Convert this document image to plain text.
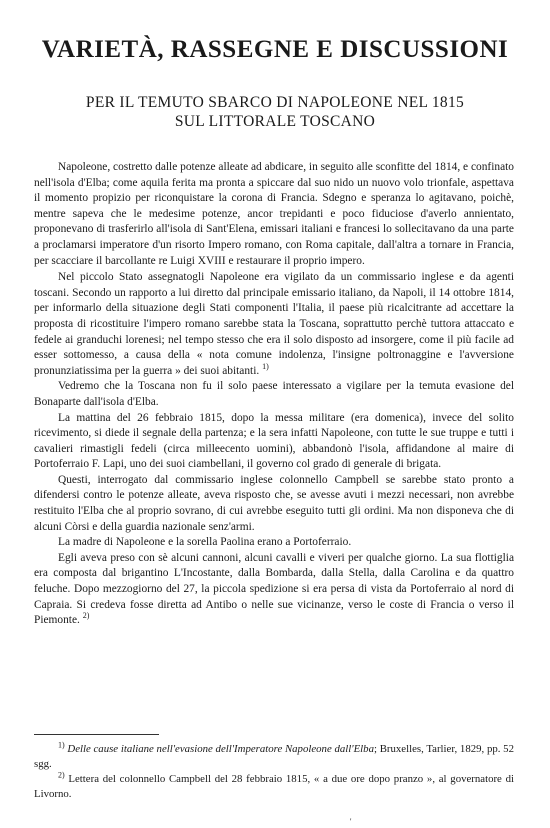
VARIETÀ, RASSEGNE E DISCUSSIONI
PER IL TEMUTO SBARCO DI NAPOLEONE NEL 1815
SUL LITTORALE TOSCANO

Napoleone, costretto dalle potenze alleate ad abdicare, in seguito alle sconfitte del 1814, e confinato nell'isola d'Elba; come aquila ferita ma pronta a spiccare dal suo nido un nuovo volo trionfale, aspettava il momento propizio per riconquistare la corona di Francia. Sdegno e speranza lo agitavano, poichè, mentre sapeva che le medesime potenze, ancor trepidanti e poco fiduciose d'averlo annientato, proponevano di trasferirlo all'isola di Sant'Elena, emissari italiani e francesi lo sollecitavano da una parte a proclamarsi imperatore d'un risorto Impero romano, con Roma capitale, dall'altra a tornare in Francia, per scacciare il barcollante re Luigi XVIII e restaurare il proprio impero.

Nel piccolo Stato assegnatogli Napoleone era vigilato da un commissario inglese e da agenti toscani. Secondo un rapporto a lui diretto dal principale emissario italiano, da Napoli, il 14 ottobre 1814, per informarlo della situazione degli Stati componenti l'Italia, il paese più ricalcitrante ad accettare la proposta di ricostituire l'impero romano sarebbe stata la Toscana, soprattutto perchè tuttora attaccato e fedele ai granduchi lorenesi; nel tempo stesso che era il solo disposto ad insorgere, come il più facile ad esser sottomesso, a causa della « nota comune indolenza, l'insigne poltronaggine e l'avversione pronunziatissima per la guerra » dei suoi abitanti. $^{1)}$

Vedremo che la Toscana non fu il solo paese interessato a vigilare per la temuta evasione del Bonaparte dall'isola d'Elba.

La mattina del 26 febbraio 1815, dopo la messa militare (era domenica), invece del solito ricevimento, si diede il segnale della partenza; e la sera infatti Napoleone, con tutte le sue truppe e tutti i cavalieri rimastigli fedeli (circa milleecento uomini), abbandonò l'isola, affidandone al maire di Portoferraio F. Lapi, uno dei suoi ciambellani, il governo col grado di generale di brigata.

Questi, interrogato dal commissario inglese colonnello Campbell se sarebbe stato pronto a difendersi contro le potenze alleate, aveva risposto che, se avesse avuti i mezzi necessari, non avrebbe restituito l'Elba che al proprio sovrano, di cui avrebbe eseguito tutti gli ordini. Ma non disponeva che di alcuni Còrsi e della guardia nazionale senz'armi.

La madre di Napoleone e la sorella Paolina erano a Portoferraio.

Egli aveva preso con sè alcuni cannoni, alcuni cavalli e viveri per qualche giorno. La sua flottiglia era composta dal brigantino L'Incostante, dalla Bombarda, dalla Stella, dalla Carolina e da quattro feluche. Dopo mezzogiorno del 27, la piccola spedizione si era persa di vista da Portoferraio al nord di Capraia. Si credeva fosse diretta ad Antibo o nelle sue vicinanze, verso le coste di Francia o verso il Piemonte. $^{2)}$

$^{1)}$ Delle cause italiane nell'evasione dell'Imperatore Napoleone dall'Elba; Bruxelles, Tarlier, 1829, pp. 52 sgg.

$^{2)}$ Lettera del colonnello Campbell del 28 febbraio 1815, « a due ore dopo pranzo », al governatore di Livorno.

'
